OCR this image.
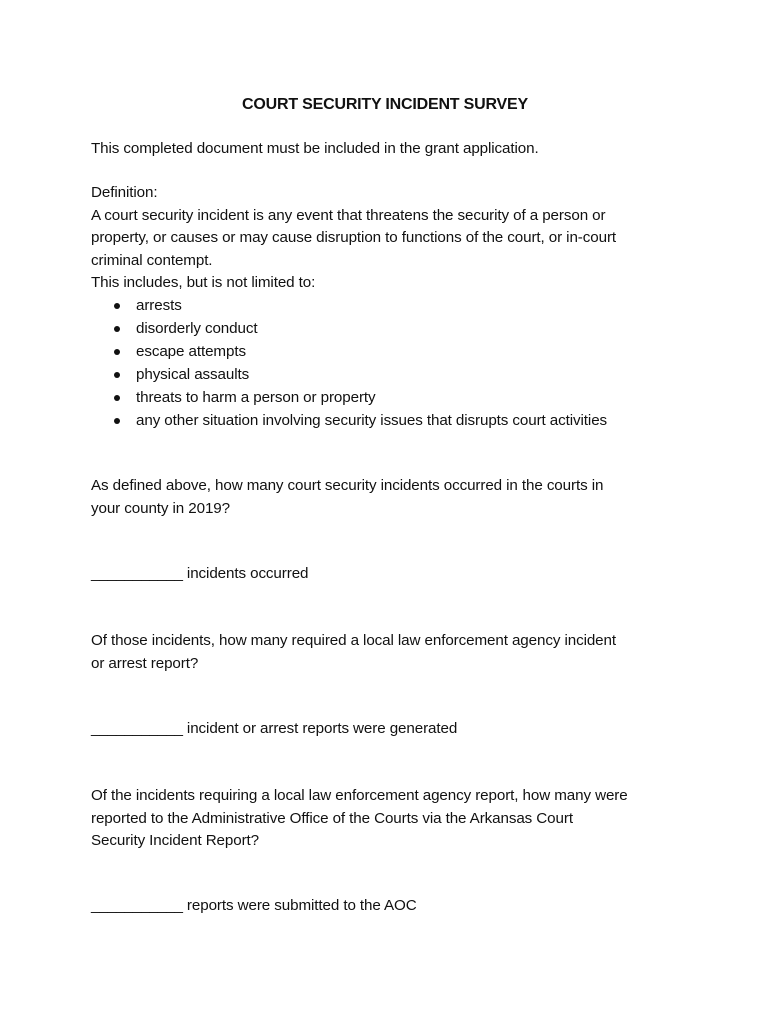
COURT SECURITY INCIDENT SURVEY
This completed document must be included in the grant application.
Definition:
A court security incident is any event that threatens the security of a person or
property, or causes or may cause disruption to functions of the court, or in-court
criminal contempt.
This includes, but is not limited to:
arrests
disorderly conduct
escape attempts
physical assaults
threats to harm a person or property
any other situation involving security issues that disrupts court activities
As defined above, how many court security incidents occurred in the courts in
your county in 2019?
___________ incidents occurred
Of those incidents, how many required a local law enforcement agency incident
or arrest report?
___________ incident or arrest reports were generated
Of the incidents requiring a local law enforcement agency report, how many were
reported to the Administrative Office of the Courts via the Arkansas Court
Security Incident Report?
___________ reports were submitted to the AOC
